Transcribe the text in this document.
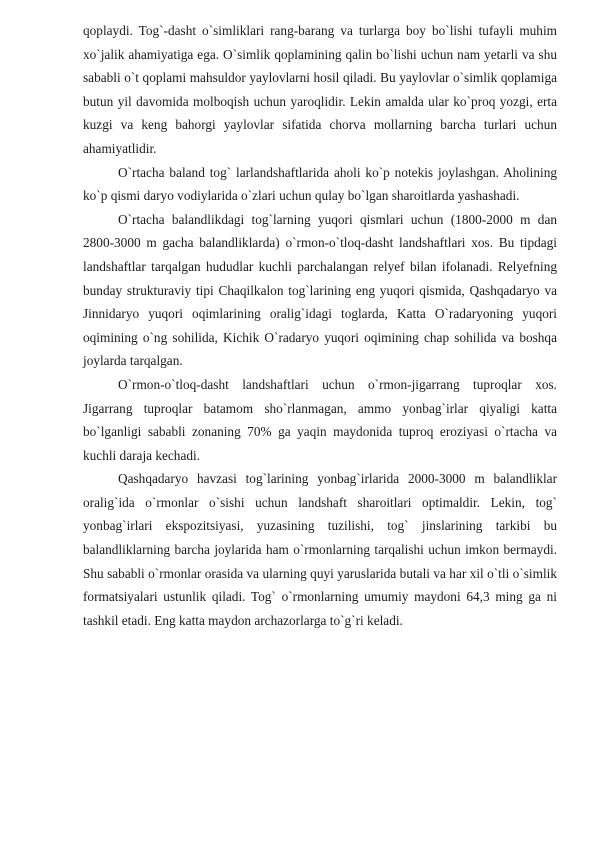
qoplaydi. Tog`-dasht o`simliklari rang-barang va turlarga boy bo`lishi tufayli muhim xo`jalik ahamiyatiga ega. O`simlik qoplamining qalin bo`lishi uchun nam yetarli va shu sababli o`t qoplami mahsuldor yaylovlarni hosil qiladi. Bu yaylovlar o`simlik qoplamiga butun yil davomida molboqish uchun yaroqlidir. Lekin amalda ular ko`proq yozgi, erta kuzgi va keng bahorgi yaylovlar sifatida chorva mollarning barcha turlari uchun ahamiyatlidir.

O`rtacha baland tog` larlandshaftlarida aholi ko`p notekis joylashgan. Aholining ko`p qismi daryo vodiylarida o`zlari uchun qulay bo`lgan sharoitlarda yashashadi.

O`rtacha balandlikdagi tog`larning yuqori qismlari uchun (1800-2000 m dan 2800-3000 m gacha balandliklarda) o`rmon-o`tloq-dasht landshaftlari xos. Bu tipdagi landshaftlar tarqalgan hududlar kuchli parchalangan relyef bilan ifolanadi. Relyefning bunday strukturaviy tipi Chaqilkalon tog`larining eng yuqori qismida, Qashqadaryo va Jinnidaryo yuqori oqimlarining oralig`idagi toglarda, Katta O`radaryoning yuqori oqimining o`ng sohilida, Kichik O`radaryo yuqori oqimining chap sohilida va boshqa joylarda tarqalgan.

O`rmon-o`tloq-dasht landshaftlari uchun o`rmon-jigarrang tuproqlar xos. Jigarrang tuproqlar batamom sho`rlanmagan, ammo yonbag`irlar qiyaligi katta bo`lganligi sababli zonaning 70% ga yaqin maydonida tuproq eroziyasi o`rtacha va kuchli daraja kechadi.

Qashqadaryo havzasi tog`larining yonbag`irlarida 2000-3000 m balandliklar oralig`ida o`rmonlar o`sishi uchun landshaft sharoitlari optimaldir. Lekin, tog` yonbag`irlari ekspozitsiyasi, yuzasining tuzilishi, tog` jinslarining tarkibi bu balandliklarning barcha joylarida ham o`rmonlarning tarqalishi uchun imkon bermaydi. Shu sababli o`rmonlar orasida va ularning quyi yaruslarida butali va har xil o`tli o`simlik formatsiyalari ustunlik qiladi. Tog` o`rmonlarning umumiy maydoni 64,3 ming ga ni tashkil etadi. Eng katta maydon archazorlarga to`g`ri keladi.
